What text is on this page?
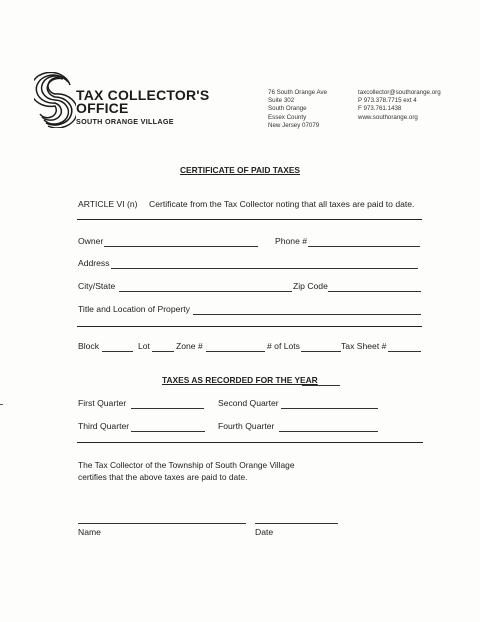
TAX COLLECTOR'S
OFFICE
SOUTH ORANGE VILLAGE
76 South Orange Ave
Suite 302
South Orange
Essex County
New Jersey 07079
taxcollector@southorange.org
P 973.378.7715 ext 4
F 973.761.1438
www.southorange.org
CERTIFICATE OF PAID TAXES
ARTICLE VI (n) Certificate from the Tax Collector noting that all taxes are paid to date.
Owner	Phone #
Address
City/State	Zip Code
Title and Location of Property
Block	Lot	Zone #	# of Lots	Tax Sheet #
TAXES AS RECORDED FOR THE YEAR
First Quarter	Second Quarter
Third Quarter	Fourth Quarter
The Tax Collector of the Township of South Orange Village
certifies that the above taxes are paid to date.
Name	Date
